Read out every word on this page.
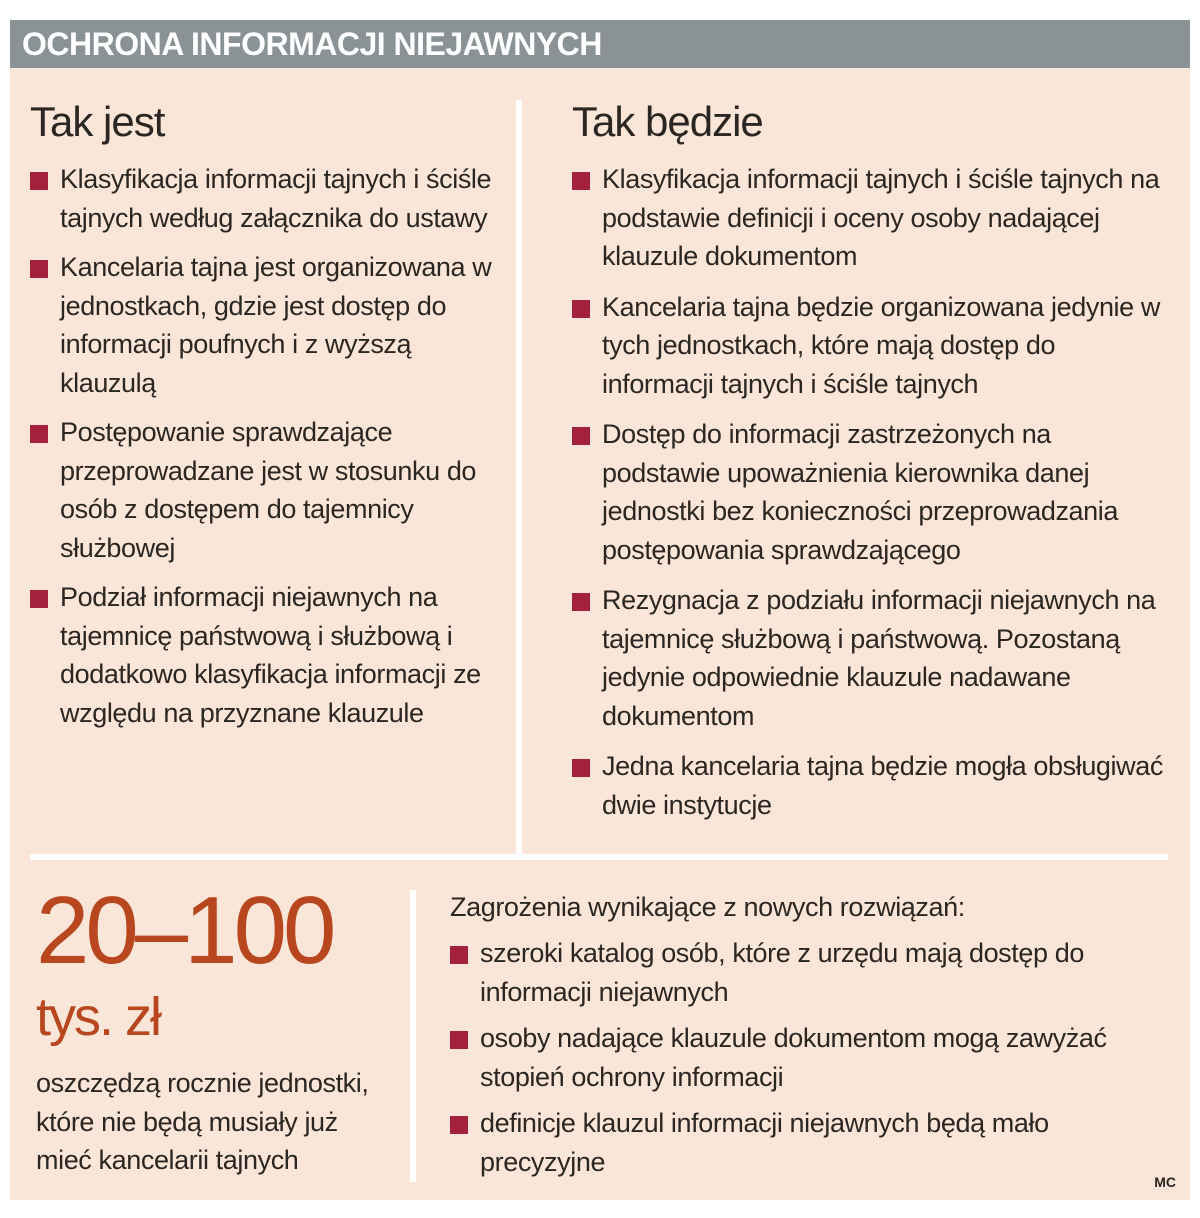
OCHRONA INFORMACJI NIEJAWNYCH
Tak jest
Klasyfikacja informacji tajnych i ściśle tajnych według załącznika do ustawy
Kancelaria tajna jest organizowana w jednostkach, gdzie jest dostęp do informacji poufnych i z wyższą klauzulą
Postępowanie sprawdzające przeprowadzane jest w stosunku do osób z dostępem do tajemnicy służbowej
Podział informacji niejawnych na tajemnicę państwową i służbową i dodatkowo klasyfikacja informacji ze względu na przyznane klauzule
Tak będzie
Klasyfikacja informacji tajnych i ściśle tajnych na podstawie definicji i oceny osoby nadającej klauzule dokumentom
Kancelaria tajna będzie organizowana jedynie w tych jednostkach, które mają dostęp do informacji tajnych i ściśle tajnych
Dostęp do informacji zastrzeżonych na podstawie upoważnienia kierownika danej jednostki bez konieczności przeprowadzania postępowania sprawdzającego
Rezygnacja z podziału informacji niejawnych na tajemnicę służbową i państwową. Pozostaną jedynie odpowiednie klauzule nadawane dokumentom
Jedna kancelaria tajna będzie mogła obsługiwać dwie instytucje

20–100

tys. zł

oszczędzą rocznie jednostki, które nie będą musiały już mieć kancelarii tajnych

Zagrożenia wynikające z nowych rozwiązań:

szeroki katalog osób, które z urzędu mają dostęp do informacji niejawnych
osoby nadające klauzule dokumentom mogą zawyżać stopień ochrony informacji
definicje klauzul informacji niejawnych będą mało precyzyjne

MC
